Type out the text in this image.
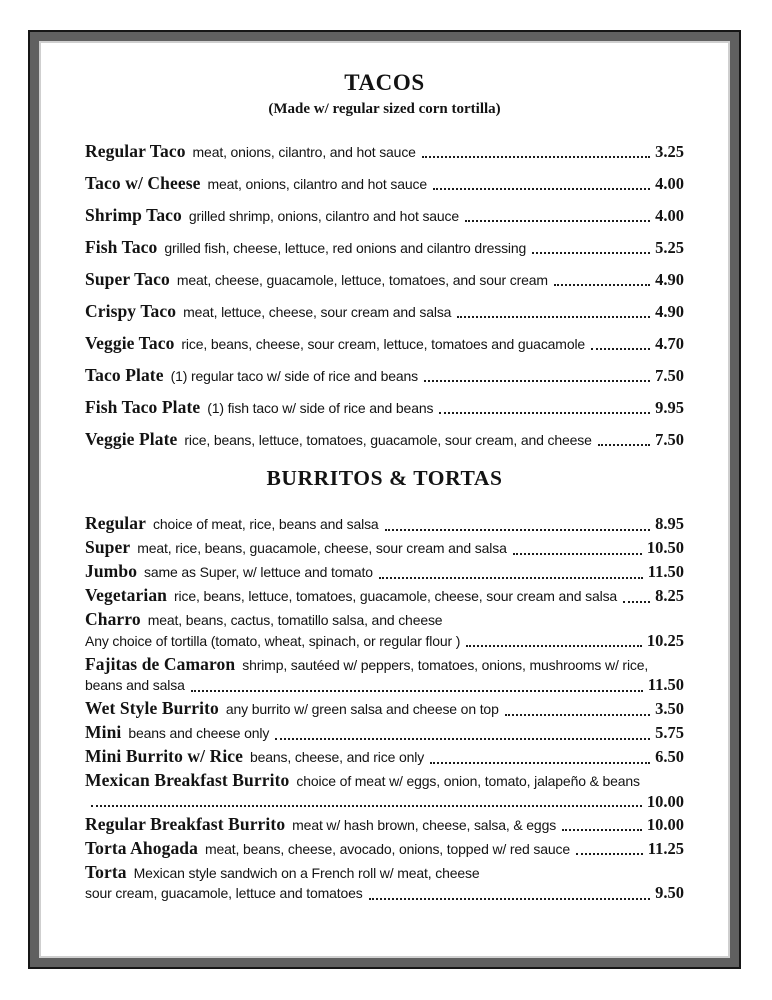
TACOS
(Made w/ regular sized corn tortilla)
Regular Taco meat, onions, cilantro, and hot sauce	3.25
Taco w/ Cheese meat, onions, cilantro and hot sauce	4.00
Shrimp Taco grilled shrimp, onions, cilantro and hot sauce	4.00
Fish Taco grilled fish, cheese, lettuce, red onions and cilantro dressing	5.25
Super Taco meat, cheese, guacamole, lettuce, tomatoes, and sour cream	4.90
Crispy Taco meat, lettuce, cheese, sour cream and salsa	4.90
Veggie Taco rice, beans, cheese, sour cream, lettuce, tomatoes and guacamole	4.70
Taco Plate (1) regular taco w/ side of rice and beans	7.50
Fish Taco Plate (1) fish taco w/ side of rice and beans	9.95
Veggie Plate rice, beans, lettuce, tomatoes, guacamole, sour cream, and cheese	7.50
BURRITOS & TORTAS
Regular choice of meat, rice, beans and salsa	8.95
Super meat, rice, beans, guacamole, cheese, sour cream and salsa	10.50
Jumbo same as Super, w/ lettuce and tomato	11.50
Vegetarian rice, beans, lettuce, tomatoes, guacamole, cheese, sour cream and salsa 8.25
Charro meat, beans, cactus, tomatillo salsa, and cheese
Any choice of tortilla (tomato, wheat, spinach, or regular flour )	10.25
Fajitas de Camaron shrimp, sautéed w/ peppers, tomatoes, onions, mushrooms w/ rice,
beans and salsa	11.50
Wet Style Burrito any burrito w/ green salsa and cheese on top	3.50
Mini beans and cheese only	5.75
Mini Burrito w/ Rice beans, cheese, and rice only	6.50
Mexican Breakfast Burrito choice of meat w/ eggs, onion, tomato, jalapeño & beans
10.00
Regular Breakfast Burrito meat w/ hash brown, cheese, salsa, & eggs	10.00
Torta Ahogada meat, beans, cheese, avocado, onions, topped w/ red sauce	11.25
Torta Mexican style sandwich on a French roll w/ meat, cheese
sour cream, guacamole, lettuce and tomatoes	9.50
